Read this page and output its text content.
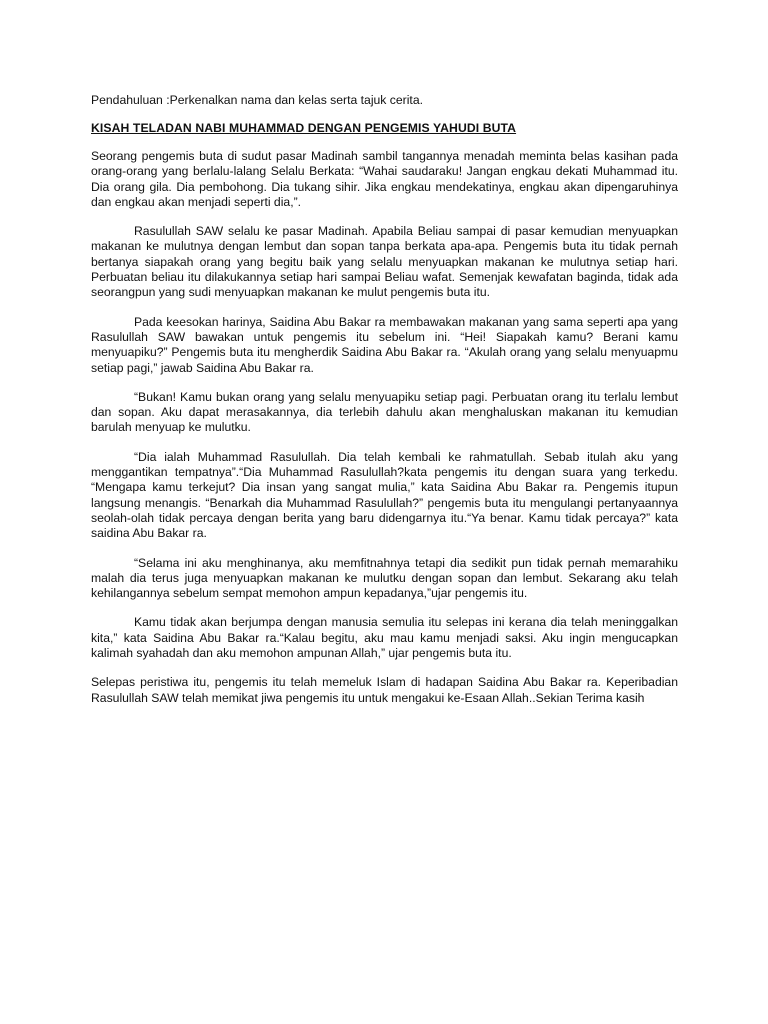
Pendahuluan :Perkenalkan nama dan kelas serta tajuk cerita.

KISAH TELADAN NABI MUHAMMAD DENGAN PENGEMIS YAHUDI BUTA

Seorang pengemis buta di sudut pasar Madinah sambil tangannya menadah meminta belas kasihan pada orang-orang yang berlalu-lalang Selalu Berkata: “Wahai saudaraku! Jangan engkau dekati Muhammad itu. Dia orang gila. Dia pembohong. Dia tukang sihir. Jika engkau mendekatinya, engkau akan dipengaruhinya dan engkau akan menjadi seperti dia,”.

Rasulullah SAW selalu ke pasar Madinah. Apabila Beliau sampai di pasar kemudian menyuapkan makanan ke mulutnya dengan lembut dan sopan tanpa berkata apa-apa. Pengemis buta itu tidak pernah bertanya siapakah orang yang begitu baik yang selalu menyuapkan makanan ke mulutnya setiap hari. Perbuatan beliau itu dilakukannya setiap hari sampai Beliau wafat. Semenjak kewafatan baginda, tidak ada seorangpun yang sudi menyuapkan makanan ke mulut pengemis buta itu.

Pada keesokan harinya, Saidina Abu Bakar ra membawakan makanan yang sama seperti apa yang Rasulullah SAW bawakan untuk pengemis itu sebelum ini. “Hei! Siapakah kamu? Berani kamu menyuapiku?” Pengemis buta itu mengherdik Saidina Abu Bakar ra. “Akulah orang yang selalu menyuapmu setiap pagi,” jawab Saidina Abu Bakar ra.

“Bukan! Kamu bukan orang yang selalu menyuapiku setiap pagi. Perbuatan orang itu terlalu lembut dan sopan. Aku dapat merasakannya, dia terlebih dahulu akan menghaluskan makanan itu kemudian barulah menyuap ke mulutku.

“Dia ialah Muhammad Rasulullah. Dia telah kembali ke rahmatullah. Sebab itulah aku yang menggantikan tempatnya”.“Dia Muhammad Rasulullah?kata pengemis itu dengan suara yang terkedu. “Mengapa kamu terkejut? Dia insan yang sangat mulia,” kata Saidina Abu Bakar ra. Pengemis itupun langsung menangis. “Benarkah dia Muhammad Rasulullah?” pengemis buta itu mengulangi pertanyaannya seolah-olah tidak percaya dengan berita yang baru didengarnya itu.“Ya benar. Kamu tidak percaya?” kata saidina Abu Bakar ra.

“Selama ini aku menghinanya, aku memfitnahnya tetapi dia sedikit pun tidak pernah memarahiku malah dia terus juga menyuapkan makanan ke mulutku dengan sopan dan lembut. Sekarang aku telah kehilangannya sebelum sempat memohon ampun kepadanya,”ujar pengemis itu.

Kamu tidak akan berjumpa dengan manusia semulia itu selepas ini kerana dia telah meninggalkan kita,” kata Saidina Abu Bakar ra.“Kalau begitu, aku mau kamu menjadi saksi. Aku ingin mengucapkan kalimah syahadah dan aku memohon ampunan Allah,” ujar pengemis buta itu.

Selepas peristiwa itu, pengemis itu telah memeluk Islam di hadapan Saidina Abu Bakar ra. Keperibadian Rasulullah SAW telah memikat jiwa pengemis itu untuk mengakui ke-Esaan Allah..Sekian Terima kasih
